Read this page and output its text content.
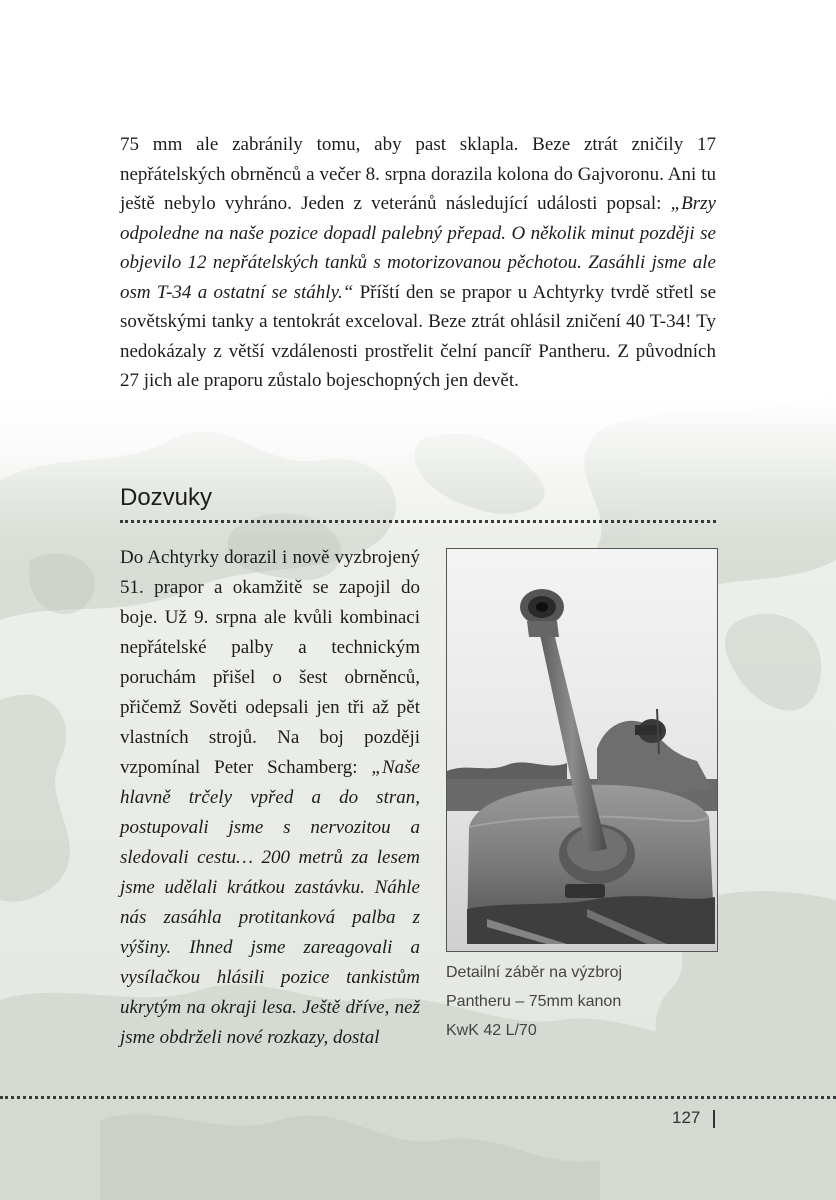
75 mm ale zabránily tomu, aby past sklapla. Beze ztrát zničily 17 nepřátelských obrněnců a večer 8. srpna dorazila kolona do Gajvoronu. Ani tu ještě nebylo vyhráno. Jeden z veteránů následující události popsal: „Brzy odpoledne na naše pozice dopadl palebný přepad. O několik minut později se objevilo 12 nepřátelských tanků s motorizovanou pěchotou. Zasáhli jsme ale osm T-34 a ostatní se stáhly.“ Příští den se prapor u Achtyrky tvrdě střetl se sovětskými tanky a tentokrát exceloval. Beze ztrát ohlásil zničení 40 T-34! Ty nedokázaly z větší vzdálenosti prostřelit čelní pancíř Pantheru. Z původních 27 jich ale praporu zůstalo bojeschopných jen devět.

Dozvuky

Do Achtyrky dorazil i nově vyzbrojený 51. prapor a okamžitě se zapojil do boje. Už 9. srpna ale kvůli kombinaci nepřátelské palby a technickým poruchám přišel o šest obrněnců, přičemž Sověti odepsali jen tři až pět vlastních strojů. Na boj později vzpomínal Peter Schamberg: „Naše hlavně trčely vpřed a do stran, postupovali jsme s nervozitou a sledovali cestu… 200 metrů za lesem jsme udělali krátkou zastávku. Náhle nás zasáhla protitanková palba z výšiny. Ihned jsme zareagovali a vysílačkou hlásili pozice tankistům ukrytým na okraji lesa. Ještě dříve, než jsme obdrželi nové rozkazy, dostal

Detailní záběr na výzbroj
Pantheru – 75mm kanon
KwK 42 L/70
127
